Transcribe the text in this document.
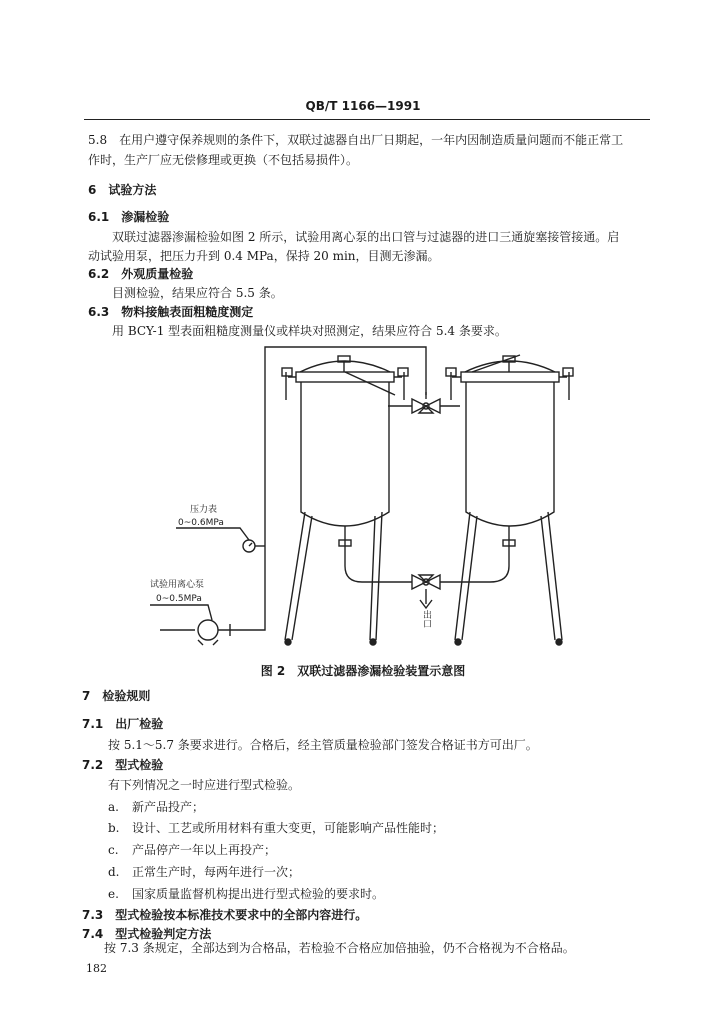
QB/T 1166—1991
5.8　在用户遵守保养规则的条件下，双联过滤器自出厂日期起，一年内因制造质量问题而不能正常工
作时，生产厂应无偿修理或更换（不包括易损件）。
6　试验方法
6.1　渗漏检验
双联过滤器渗漏检验如图 2 所示，试验用离心泵的出口管与过滤器的进口三通旋塞接管接通。启
动试验用泵，把压力升到 0.4 MPa，保持 20 min，目测无渗漏。
6.2　外观质量检验
目测检验，结果应符合 5.5 条。
6.3　物料接触表面粗糙度测定
用 BCY-1 型表面粗糙度测量仪或样块对照测定，结果应符合 5.4 条要求。
压力表
0~0.6MPa
试验用离心泵
0~0.5MPa
出口
图 2　双联过滤器渗漏检验装置示意图
7　检验规则
7.1　出厂检验
按 5.1～5.7 条要求进行。合格后，经主管质量检验部门签发合格证书方可出厂。
7.2　型式检验
有下列情况之一时应进行型式检验。
a. 新产品投产；
b. 设计、工艺或所用材料有重大变更，可能影响产品性能时；
c. 产品停产一年以上再投产；
d. 正常生产时，每两年进行一次；
e. 国家质量监督机构提出进行型式检验的要求时。
7.3　型式检验按本标准技术要求中的全部内容进行。
7.4　型式检验判定方法
按 7.3 条规定，全部达到为合格品，若检验不合格应加倍抽验，仍不合格视为不合格品。
182
